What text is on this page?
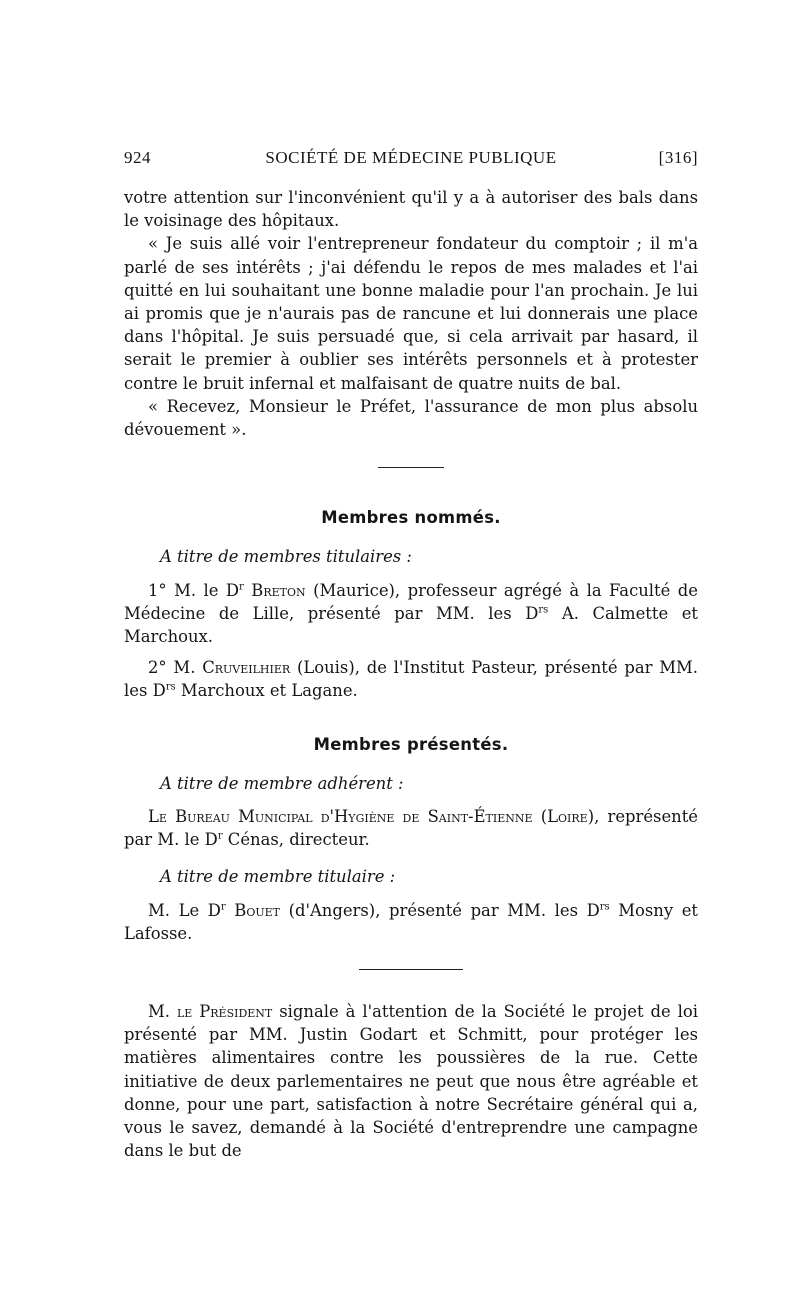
924	SOCIÉTÉ DE MÉDECINE PUBLIQUE	[316]

votre attention sur l'inconvénient qu'il y a à autoriser des bals dans le voisinage des hôpitaux.

« Je suis allé voir l'entrepreneur fondateur du comptoir ; il m'a parlé de ses intérêts ; j'ai défendu le repos de mes malades et l'ai quitté en lui souhaitant une bonne maladie pour l'an prochain. Je lui ai promis que je n'aurais pas de rancune et lui donnerais une place dans l'hôpital. Je suis persuadé que, si cela arrivait par hasard, il serait le premier à oublier ses intérêts personnels et à protester contre le bruit infernal et malfaisant de quatre nuits de bal.

« Recevez, Monsieur le Préfet, l'assurance de mon plus absolu dévouement ».

Membres nommés.

A titre de membres titulaires :

1° M. le $D^r$ Breton (Maurice), professeur agrégé à la Faculté de Médecine de Lille, présenté par MM. les $D^{rs}$ A. Calmette et Marchoux.

2° M. Cruveilhier (Louis), de l'Institut Pasteur, présenté par MM. les $D^{rs}$ Marchoux et Lagane.

Membres présentés.

A titre de membre adhérent :

Le Bureau Municipal d'Hygiène de Saint-Étienne (Loire), représenté par M. le $D^r$ Cénas, directeur.

A titre de membre titulaire :

M. Le $D^r$ Bouet (d'Angers), présenté par MM. les $D^{rs}$ Mosny et Lafosse.

M. le Président signale à l'attention de la Société le projet de loi présenté par MM. Justin Godart et Schmitt, pour protéger les matières alimentaires contre les poussières de la rue. Cette initiative de deux parlementaires ne peut que nous être agréable et donne, pour une part, satisfaction à notre Secrétaire général qui a, vous le savez, demandé à la Société d'entreprendre une campagne dans le but de
